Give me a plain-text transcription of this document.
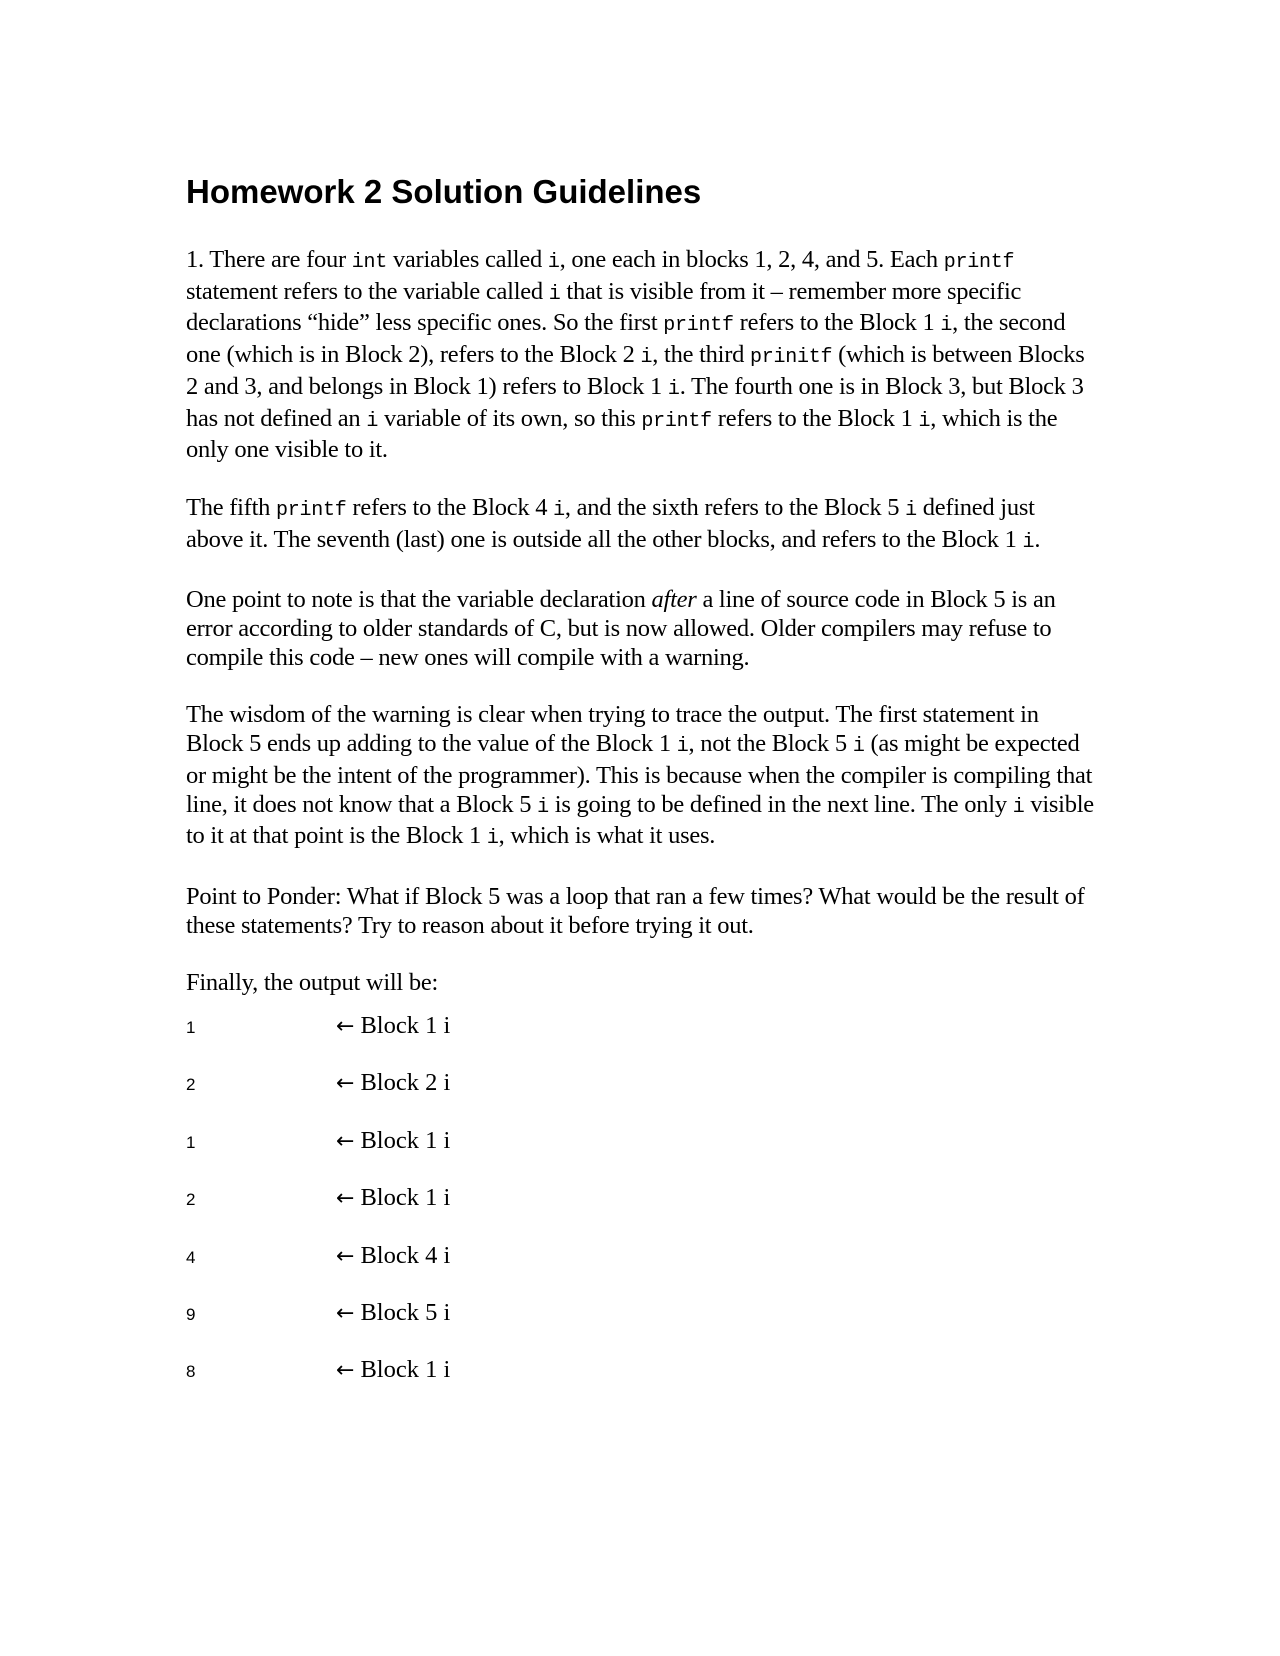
Homework 2 Solution Guidelines

1. There are four int variables called i, one each in blocks 1, 2, 4, and 5. Each printf statement refers to the variable called i that is visible from it – remember more specific declarations “hide” less specific ones. So the first printf refers to the Block 1 i, the second one (which is in Block 2), refers to the Block 2 i, the third prinitf (which is between Blocks 2 and 3, and belongs in Block 1) refers to Block 1 i. The fourth one is in Block 3, but Block 3 has not defined an i variable of its own, so this printf refers to the Block 1 i, which is the only one visible to it.

The fifth printf refers to the Block 4 i, and the sixth refers to the Block 5 i defined just above it. The seventh (last) one is outside all the other blocks, and refers to the Block 1 i.

One point to note is that the variable declaration after a line of source code in Block 5 is an error according to older standards of C, but is now allowed. Older compilers may refuse to compile this code – new ones will compile with a warning.

The wisdom of the warning is clear when trying to trace the output. The first statement in Block 5 ends up adding to the value of the Block 1 i, not the Block 5 i (as might be expected or might be the intent of the programmer). This is because when the compiler is compiling that line, it does not know that a Block 5 i is going to be defined in the next line. The only i visible to it at that point is the Block 1 i, which is what it uses.

Point to Ponder: What if Block 5 was a loop that ran a few times? What would be the result of these statements? Try to reason about it before trying it out.

Finally, the output will be:

1	← Block 1 i
2	← Block 2 i
1	← Block 1 i
2	← Block 1 i
4	← Block 4 i
9	← Block 5 i
8	← Block 1 i
